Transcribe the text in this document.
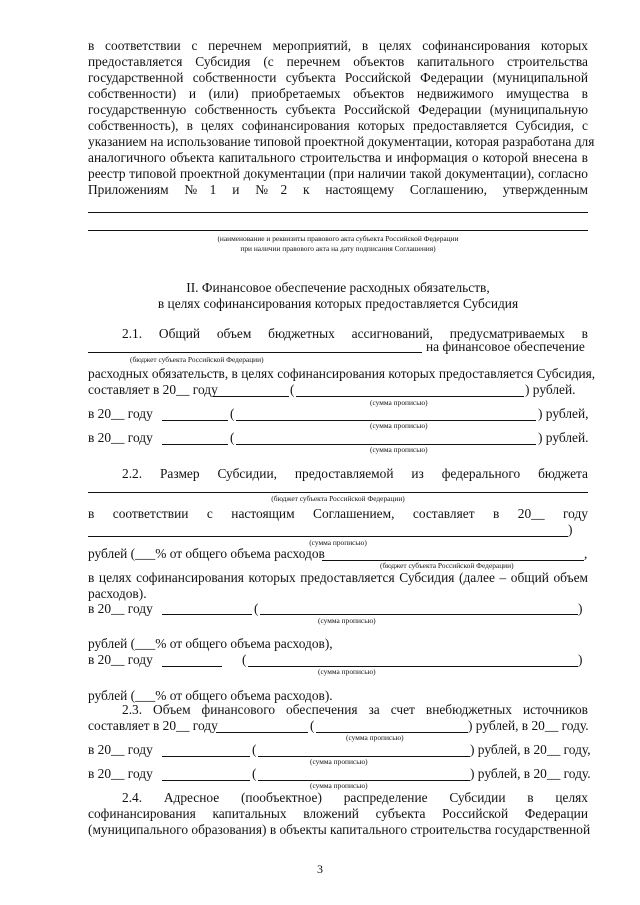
в соответствии с перечнем мероприятий, в целях софинансирования которых
предоставляется Субсидия (с перечнем объектов капитального строительства
государственной собственности субъекта Российской Федерации (муниципальной
собственности) и (или) приобретаемых объектов недвижимого имущества в
государственную собственность субъекта Российской Федерации (муниципальную
собственность), в целях софинансирования которых предоставляется Субсидия, с
указанием на использование типовой проектной документации, которая разработана для
аналогичного объекта капитального строительства и информация о которой внесена в
реестр типовой проектной документации (при наличии такой документации), согласно
Приложениям №1 и №2 к настоящему Соглашению, утвержденным
(наименование и реквизиты правового акта субъекта Российской Федерации
при наличии правового акта на дату подписания Соглашения)
II. Финансовое обеспечение расходных обязательств,
в целях софинансирования которых предоставляется Субсидия
2.1. Общий объем бюджетных ассигнований, предусматриваемых в
на финансовое обеспечение
(бюджет субъекта Российской Федерации)
расходных обязательств, в целях софинансирования которых предоставляется Субсидия,
составляет в 20__ году	(	) рублей.
(сумма прописью)
в 20__ году	(	) рублей,
(сумма прописью)
в 20__ году	(	) рублей.
(сумма прописью)
2.2. Размер Субсидии, предоставляемой из федерального бюджета
(бюджет субъекта Российской Федерации)
в соответствии с настоящим Соглашением, составляет в 20__ году
)
(сумма прописью)
рублей (___% от общего объема расходов	,
(бюджет субъекта Российской Федерации)
в целях софинансирования которых предоставляется Субсидия (далее – общий объем
расходов).
в 20__ году	(	)
(сумма прописью)
рублей (___% от общего объема расходов),
в 20__ году	(	)
(сумма прописью)
рублей (___% от общего объема расходов).
2.3. Объем финансового обеспечения за счет внебюджетных источников
составляет в 20__ году	(	) рублей, в 20__ году.
(сумма прописью)
в 20__ году	(	) рублей, в 20__ году,
(сумма прописью)
в 20__ году	(	) рублей, в 20__ году.
(сумма прописью)
2.4. Адресное (пообъектное) распределение Субсидии в целях
софинансирования капитальных вложений субъекта Российской Федерации
(муниципального образования) в объекты капитального строительства государственной
3
